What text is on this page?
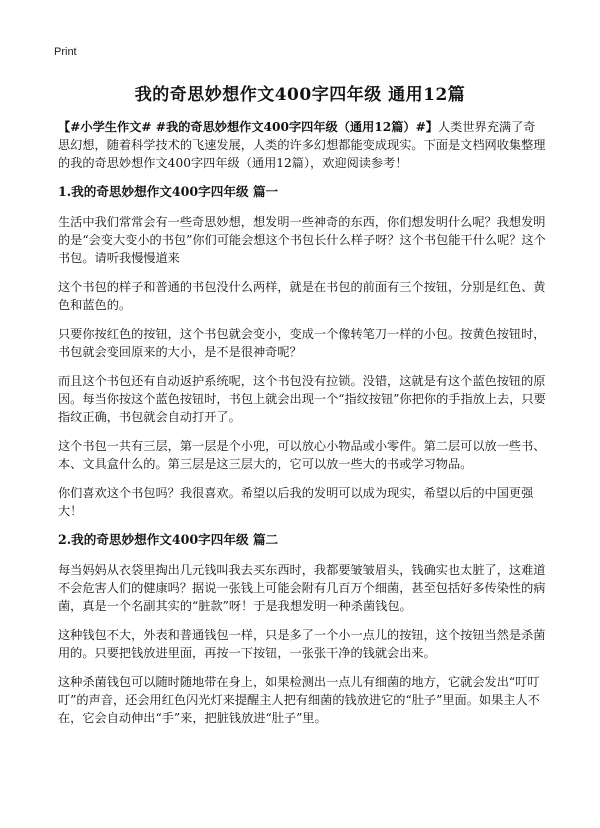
Print
我的奇思妙想作文400字四年级 通用12篇
【#小学生作文# #我的奇思妙想作文400字四年级（通用12篇）#】人类世界充满了奇思幻想，随着科学技术的飞速发展，人类的许多幻想都能变成现实。下面是文档网收集整理的我的奇思妙想作文400字四年级（通用12篇），欢迎阅读参考！
1.我的奇思妙想作文400字四年级 篇一

生活中我们常常会有一些奇思妙想，想发明一些神奇的东西，你们想发明什么呢？我想发明的是“会变大变小的书包”你们可能会想这个书包长什么样子呀？这个书包能干什么呢？这个书包。请听我慢慢道来

这个书包的样子和普通的书包没什么两样，就是在书包的前面有三个按钮，分别是红色、黄色和蓝色的。

只要你按红色的按钮，这个书包就会变小，变成一个像转笔刀一样的小包。按黄色按钮时，书包就会变回原来的大小，是不是很神奇呢？

而且这个书包还有自动返护系统呢，这个书包没有拉锁。没错，这就是有这个蓝色按钮的原因。每当你按这个蓝色按钮时，书包上就会出现一个“指纹按钮”你把你的手指放上去，只要指纹正确，书包就会自动打开了。

这个书包一共有三层，第一层是个小兜，可以放心小物品或小零件。第二层可以放一些书、本、文具盒什么的。第三层是这三层大的，它可以放一些大的书或学习物品。

你们喜欢这个书包吗？我很喜欢。希望以后我的发明可以成为现实，希望以后的中国更强大！

2.我的奇思妙想作文400字四年级 篇二

每当妈妈从衣袋里掏出几元钱叫我去买东西时，我都要皱皱眉头，钱确实也太脏了，这难道不会危害人们的健康吗？据说一张钱上可能会附有几百万个细菌，甚至包括好多传染性的病菌，真是一个名副其实的“脏款”呀！于是我想发明一种杀菌钱包。

这种钱包不大，外表和普通钱包一样，只是多了一个小一点儿的按钮，这个按钮当然是杀菌用的。只要把钱放进里面，再按一下按钮，一张张干净的钱就会出来。

这种杀菌钱包可以随时随地带在身上，如果检测出一点儿有细菌的地方，它就会发出“叮叮叮”的声音，还会用红色闪光灯来提醒主人把有细菌的钱放进它的“肚子”里面。如果主人不在，它会自动伸出“手”来，把脏钱放进“肚子”里。
